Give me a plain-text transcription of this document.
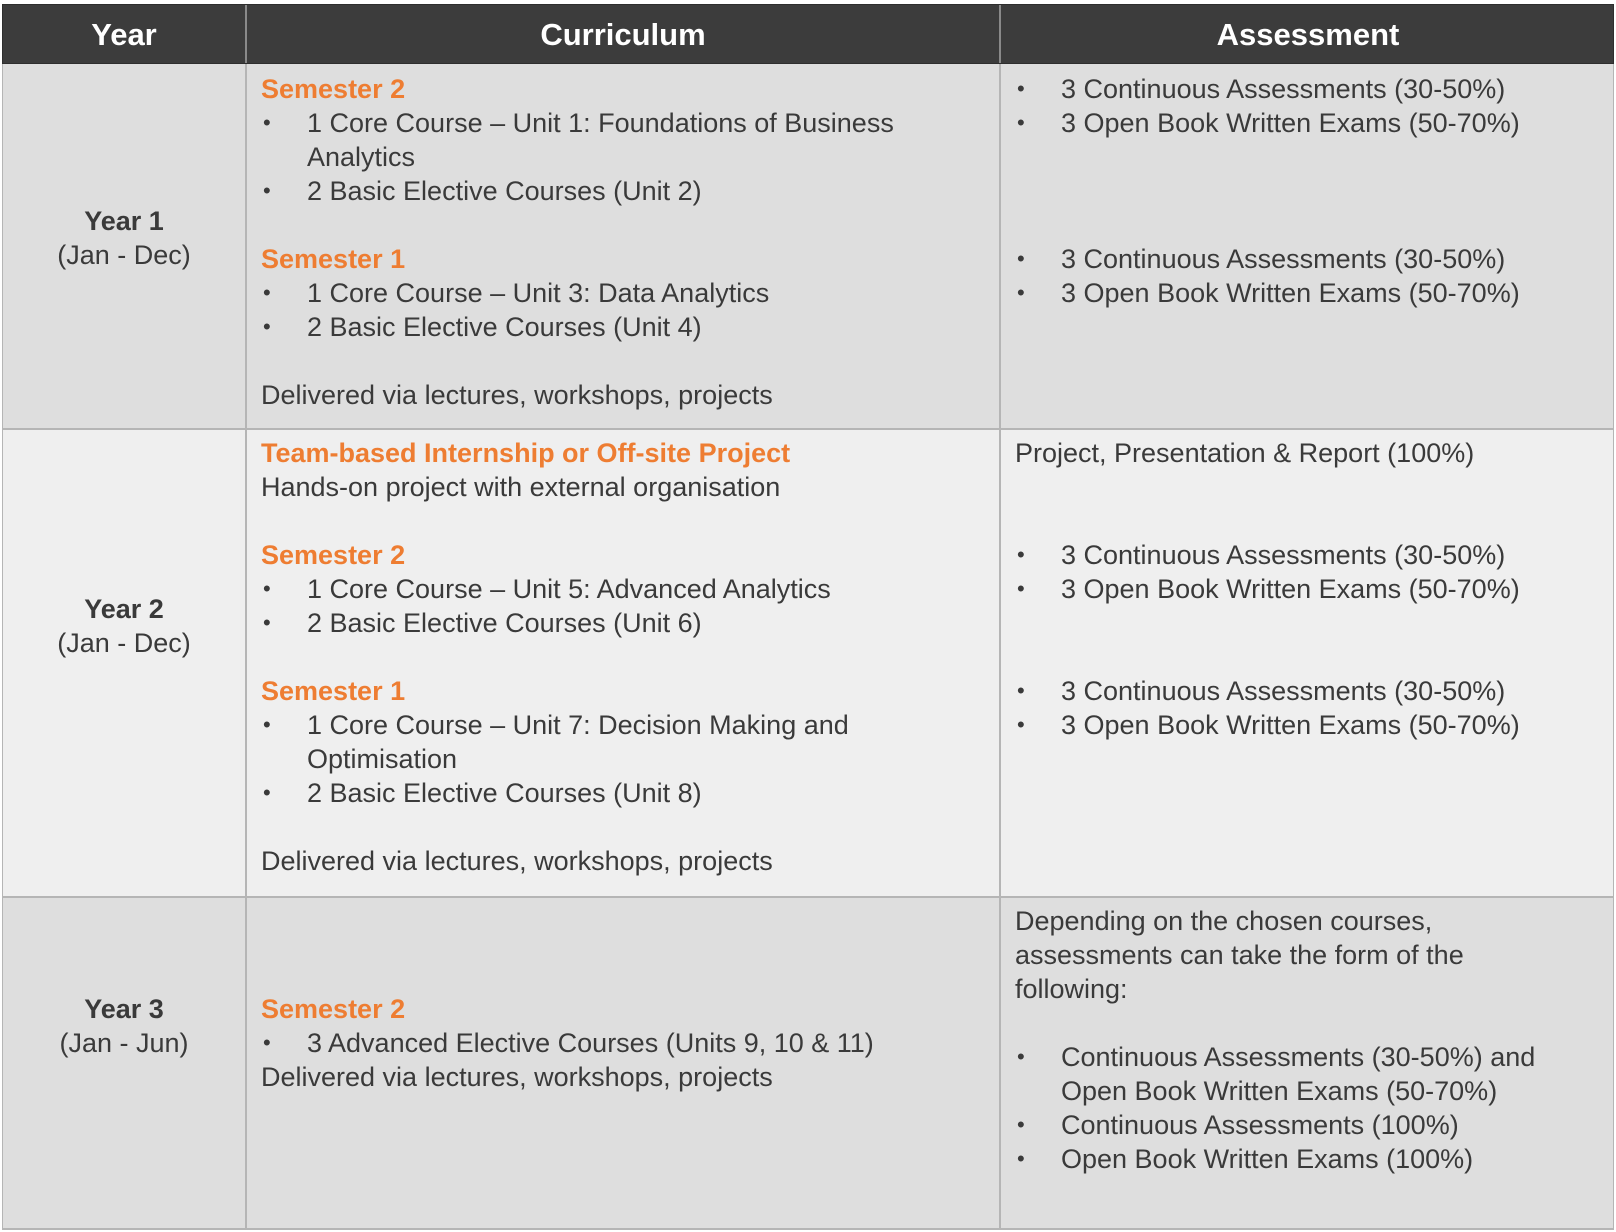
Year	Curriculum	Assessment
Year 1
(Jan - Dec)
Semester 2
• 1 Core Course – Unit 1: Foundations of Business
Analytics
• 2 Basic Elective Courses (Unit 2)
Semester 1
• 1 Core Course – Unit 3: Data Analytics
• 2 Basic Elective Courses (Unit 4)
Delivered via lectures, workshops, projects
• 3 Continuous Assessments (30-50%)
• 3 Open Book Written Exams (50-70%)
• 3 Continuous Assessments (30-50%)
• 3 Open Book Written Exams (50-70%)
Year 2
(Jan - Dec)
Team-based Internship or Off-site Project
Hands-on project with external organisation
Semester 2
• 1 Core Course – Unit 5: Advanced Analytics
• 2 Basic Elective Courses (Unit 6)
Semester 1
• 1 Core Course – Unit 7: Decision Making and
Optimisation
• 2 Basic Elective Courses (Unit 8)
Delivered via lectures, workshops, projects
Project, Presentation & Report (100%)
• 3 Continuous Assessments (30-50%)
• 3 Open Book Written Exams (50-70%)
• 3 Continuous Assessments (30-50%)
• 3 Open Book Written Exams (50-70%)
Year 3
(Jan - Jun)
Semester 2
• 3 Advanced Elective Courses (Units 9, 10 & 11)
Delivered via lectures, workshops, projects
Depending on the chosen courses,
assessments can take the form of the
following:
• Continuous Assessments (30-50%) and
Open Book Written Exams (50-70%)
• Continuous Assessments (100%)
• Open Book Written Exams (100%)
